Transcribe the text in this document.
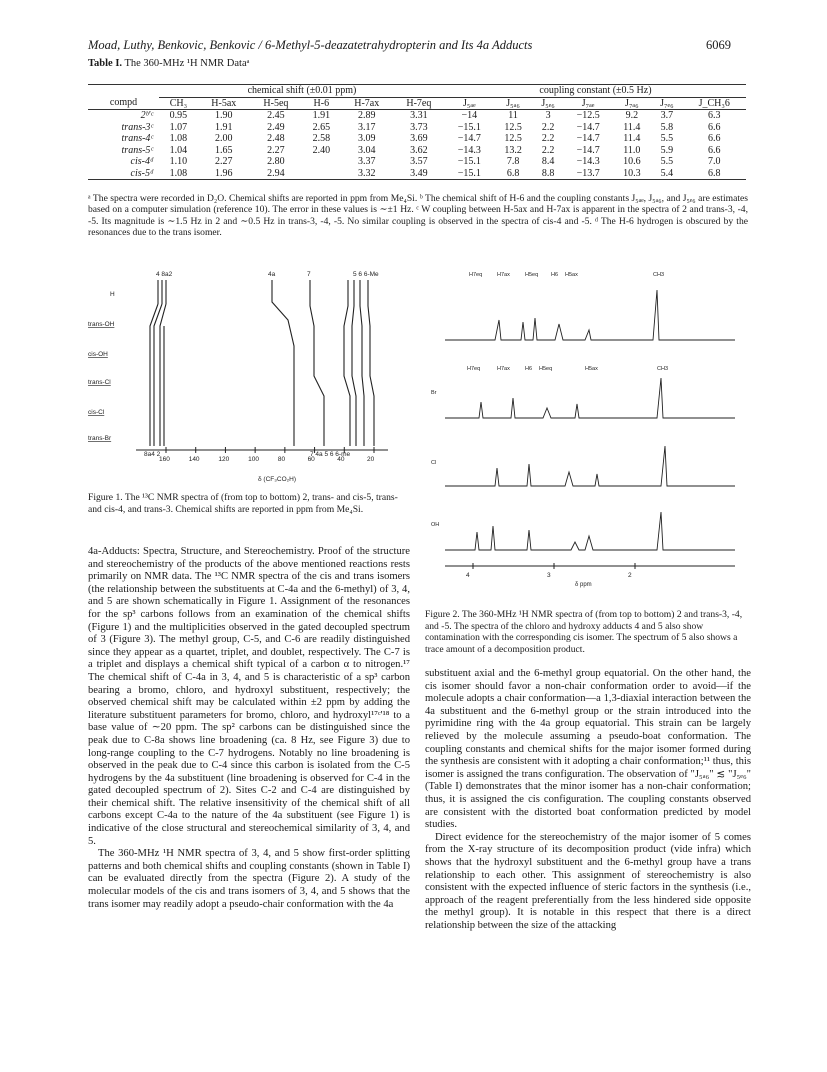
Moad, Luthy, Benkovic, Benkovic / 6-Methyl-5-deazatetrahydropterin and Its 4a Adducts	6069
Table I. The 360-MHz ¹H NMR Dataᵃ
	chemical shift (±0.01 ppm)						coupling constant (±0.5 Hz)						
compd	CH₃	H-5ax	H-5eq	H-6	H-7ax	H-7eq	J₅ₐₑ	J₅ₐ₆	J₅ₑ₆	J₇ₐₑ	J₇ₐ₆	J₇ₑ₆	J_CH₃6
2ᵇ'ᶜ	0.95	1.90	2.45	1.91	2.89	3.31	−14	11	3	−12.5	9.2	3.7	6.3
trans-3ᶜ	1.07	1.91	2.49	2.65	3.17	3.73	−15.1	12.5	2.2	−14.7	11.4	5.8	6.6
trans-4ᶜ	1.08	2.00	2.48	2.58	3.09	3.69	−14.7	12.5	2.2	−14.7	11.4	5.5	6.6
trans-5ᶜ	1.04	1.65	2.27	2.40	3.04	3.62	−14.3	13.2	2.2	−14.7	11.0	5.9	6.6
cis-4ᵈ	1.10	2.27	2.80		3.37	3.57	−15.1	7.8	8.4	−14.3	10.6	5.5	7.0
cis-5ᵈ	1.08	1.96	2.94		3.32	3.49	−15.1	6.8	8.8	−13.7	10.3	5.4	6.8
ᵃ The spectra were recorded in D₂O. Chemical shifts are reported in ppm from Me₄Si. ᵇ The chemical shift of H-6 and the coupling constants J₅ₐₑ, J₅ₐ₆, and J₅ₑ₆ are estimates based on a computer simulation (reference 10). The error in these values is ∼±1 Hz. ᶜ W coupling between H-5ax and H-7ax is apparent in the spectra of 2 and trans-3, -4, -5. Its magnitude is ∼1.5 Hz in 2 and ∼0.5 Hz in trans-3, -4, -5. No similar coupling is observed in the spectra of cis-4 and -5. ᵈ The H-6 hydrogen is obscured by the resonances due to the trans isomer.
4 8a2	4a	7	5 6 6-Me
H
trans-OH
cis-OH
trans-Cl
cis-Cl
trans-Br
8a4 2	7 4a 5 6 6-me
160	140	120	100	80	60	40	20
δ (CF₃CO₂H)
Figure 1. The ¹³C NMR spectra of (from top to bottom) 2, trans- and cis-5, trans- and cis-4, and trans-3. Chemical shifts are reported in ppm from Me₄Si.
H7eq	H7ax	H5eq H6 H5ax	CH3
H7eq	H7ax	H6 H5eq	H5ax	CH3
Br
Cl
OH
4	3	2
δ ppm
Figure 2. The 360-MHz ¹H NMR spectra of (from top to bottom) 2 and trans-3, -4, and -5. The spectra of the chloro and hydroxy adducts 4 and 5 also show contamination with the corresponding cis isomer. The spectrum of 5 also shows a trace amount of a decomposition product.

4a-Adducts: Spectra, Structure, and Stereochemistry. Proof of the structure and stereochemistry of the products of the above mentioned reactions rests primarily on NMR data. The ¹³C NMR spectra of the cis and trans isomers (the relationship between the substituents at C-4a and the 6-methyl) of 3, 4, and 5 are shown schematically in Figure 1. Assignment of the resonances for the sp³ carbons follows from an examination of the chemical shifts (Figure 1) and the multiplicities observed in the gated decoupled spectrum of 3 (Figure 3). The methyl group, C-5, and C-6 are readily distinguished since they appear as a quartet, triplet, and doublet, respectively. The C-7 is a triplet and displays a chemical shift typical of a carbon α to nitrogen.¹⁷ The chemical shift of C-4a in 3, 4, and 5 is characteristic of a sp³ carbon bearing a bromo, chloro, and hydroxyl substituent, respectively; the observed chemical shift may be calculated within ±2 ppm by adding the literature substituent parameters for bromo, chloro, and hydroxyl¹⁷ᶜ'¹⁸ to a base value of ∼20 ppm. The sp² carbons can be distinguished since the peak due to C-8a shows line broadening (ca. 8 Hz, see Figure 3) due to long-range coupling to the C-7 hydrogens. Notably no line broadening is observed in the peak due to C-4 since this carbon is isolated from the C-5 hydrogens by the 4a substituent (line broadening is observed for C-4 in the gated decoupled spectrum of 2). Sites C-2 and C-4 are distinguished by their chemical shift. The relative insensitivity of the chemical shift of all carbons except C-4a to the nature of the 4a substituent (see Figure 1) is indicative of the close structural and stereochemical similarity of 3, 4, and 5.

The 360-MHz ¹H NMR spectra of 3, 4, and 5 show first-order splitting patterns and both chemical shifts and coupling constants (shown in Table I) can be evaluated directly from the spectra (Figure 2). A study of the molecular models of the cis and trans isomers of 3, 4, and 5 shows that the trans isomer may readily adopt a pseudo-chair conformation with the 4a

substituent axial and the 6-methyl group equatorial. On the other hand, the cis isomer should favor a non-chair conformation order to avoid—if the molecule adopts a chair conformation—a 1,3-diaxial interaction between the 4a substituent and the 6-methyl group or the strain introduced into the pyrimidine ring with the 4a group equatorial. This strain can be largely relieved by the molecule assuming a pseudo-boat conformation. The coupling constants and chemical shifts for the major isomer formed during the synthesis are consistent with it adopting a chair conformation;¹¹ thus, this isomer is assigned the trans configuration. The observation of "J₅ₐ₆" ≲ "J₅ₑ₆" (Table I) demonstrates that the minor isomer has a non-chair conformation; thus, it is assigned the cis configuration. The coupling constants observed are consistent with the distorted boat conformation predicted by model studies.

Direct evidence for the stereochemistry of the major isomer of 5 comes from the X-ray structure of its decomposition product (vide infra) which shows that the hydroxyl substituent and the 6-methyl group have a trans relationship to each other. This assignment of stereochemistry is also consistent with the expected influence of steric factors in the synthesis (i.e., approach of the reagent preferentially from the less hindered side opposite the methyl group). It is notable in this respect that there is a direct relationship between the size of the attacking
